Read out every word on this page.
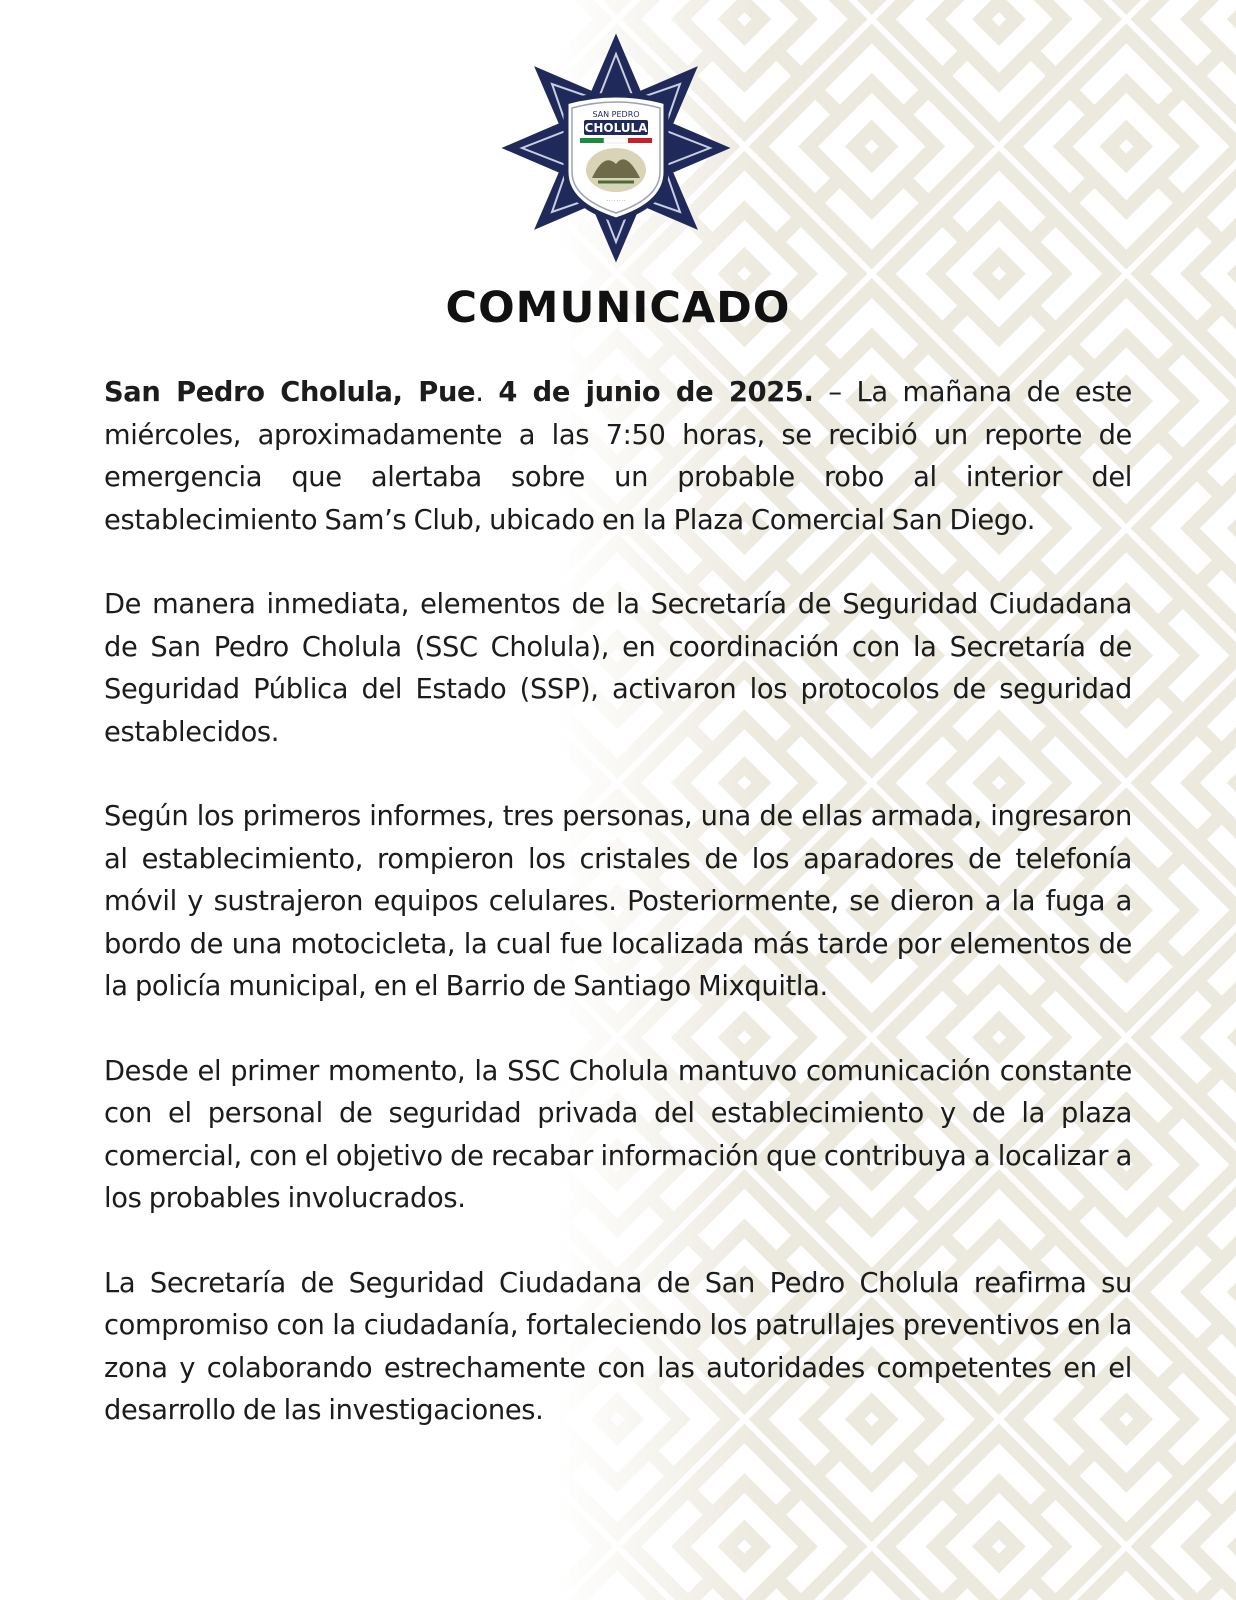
SAN PEDRO
CHOLULA
· · · · · · · ·
COMUNICADO

San Pedro Cholula, Pue. 4 de junio de 2025. – La mañana de este miércoles, aproximadamente a las 7:50 horas, se recibió un reporte de emergencia que alertaba sobre un probable robo al interior del establecimiento Sam’s Club, ubicado en la Plaza Comercial San Diego.

De manera inmediata, elementos de la Secretaría de Seguridad Ciudadana de San Pedro Cholula (SSC Cholula), en coordinación con la Secretaría de Seguridad Pública del Estado (SSP), activaron los protocolos de seguridad establecidos.

Según los primeros informes, tres personas, una de ellas armada, ingresaron al establecimiento, rompieron los cristales de los aparadores de telefonía móvil y sustrajeron equipos celulares. Posteriormente, se dieron a la fuga a bordo de una motocicleta, la cual fue localizada más tarde por elementos de la policía municipal, en el Barrio de Santiago Mixquitla.

Desde el primer momento, la SSC Cholula mantuvo comunicación constante con el personal de seguridad privada del establecimiento y de la plaza comercial, con el objetivo de recabar información que contribuya a localizar a los probables involucrados.

La Secretaría de Seguridad Ciudadana de San Pedro Cholula reafirma su compromiso con la ciudadanía, fortaleciendo los patrullajes preventivos en la zona y colaborando estrechamente con las autoridades competentes en el desarrollo de las investigaciones.
